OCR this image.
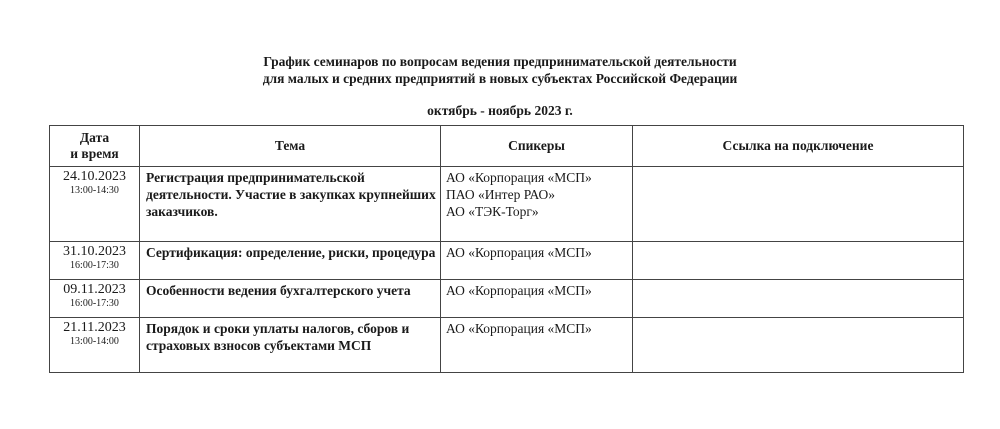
График семинаров по вопросам ведения предпринимательской деятельности
для малых и средних предприятий в новых субъектах Российской Федерации
октябрь - ноябрь 2023 г.
Дата
и время	Тема	Спикеры	Ссылка на подключение

24.10.2023
13:00-14:30	Регистрация предпринимательской деятельности. Участие в закупках крупнейших заказчиков.	АО «Корпорация «МСП»
ПАО «Интер РАО»
АО «ТЭК-Торг»	

31.10.2023
16:00-17:30	Сертификация: определение, риски, процедура	АО «Корпорация «МСП»	

09.11.2023
16:00-17:30	Особенности ведения бухгалтерского учета	АО «Корпорация «МСП»	

21.11.2023
13:00-14:00	Порядок и сроки уплаты налогов, сборов и страховых взносов субъектами МСП	АО «Корпорация «МСП»	
